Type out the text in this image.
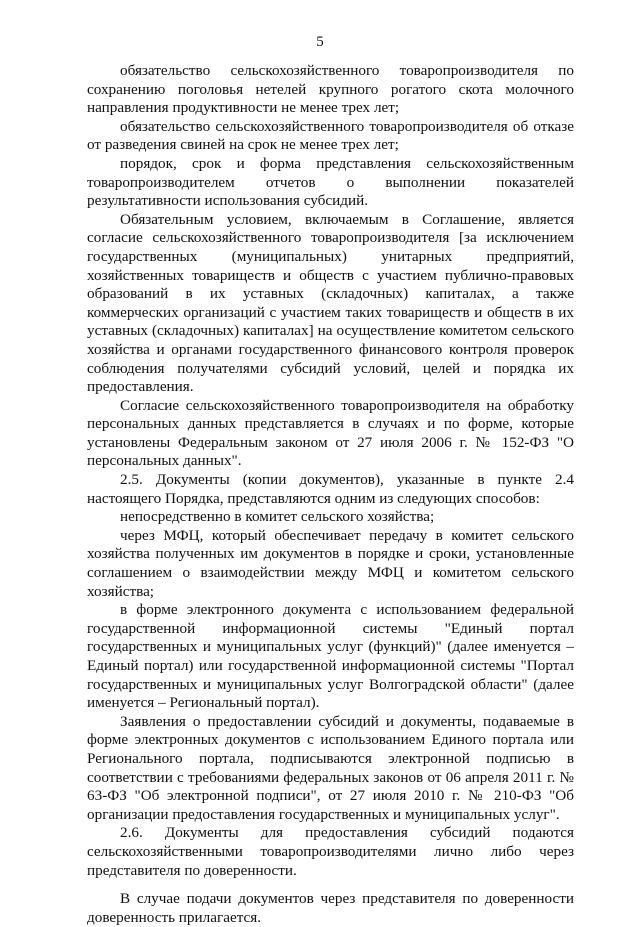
5

обязательство сельскохозяйственного товаропроизводителя по сохранению поголовья нетелей крупного рогатого скота молочного направления продуктивности не менее трех лет;

обязательство сельскохозяйственного товаропроизводителя об отказе от разведения свиней на срок не менее трех лет;

порядок, срок и форма представления сельскохозяйственным товаропроизводителем отчетов о выполнении показателей результативности использования субсидий.

Обязательным условием, включаемым в Соглашение, является согласие сельскохозяйственного товаропроизводителя [за исключением государственных (муниципальных) унитарных предприятий, хозяйственных товариществ и обществ с участием публично-правовых образований в их уставных (складочных) капиталах, а также коммерческих организаций с участием таких товариществ и обществ в их уставных (складочных) капиталах] на осуществление комитетом сельского хозяйства и органами государственного финансового контроля проверок соблюдения получателями субсидий условий, целей и порядка их предоставления.

Согласие сельскохозяйственного товаропроизводителя на обработку персональных данных представляется в случаях и по форме, которые установлены Федеральным законом от 27 июля 2006 г. № 152-ФЗ "О персональных данных".

2.5. Документы (копии документов), указанные в пункте 2.4 настоящего Порядка, представляются одним из следующих способов:

непосредственно в комитет сельского хозяйства;

через МФЦ, который обеспечивает передачу в комитет сельского хозяйства полученных им документов в порядке и сроки, установленные соглашением о взаимодействии между МФЦ и комитетом сельского хозяйства;

в форме электронного документа с использованием федеральной государственной информационной системы "Единый портал государственных и муниципальных услуг (функций)" (далее именуется – Единый портал) или государственной информационной системы "Портал государственных и муниципальных услуг Волгоградской области" (далее именуется – Региональный портал).

Заявления о предоставлении субсидий и документы, подаваемые в форме электронных документов с использованием Единого портала или Регионального портала, подписываются электронной подписью в соответствии с требованиями федеральных законов от 06 апреля 2011 г. № 63-ФЗ "Об электронной подписи", от 27 июля 2010 г. № 210-ФЗ "Об организации предоставления государственных и муниципальных услуг".

2.6. Документы для предоставления субсидий подаются сельскохозяйственными товаропроизводителями лично либо через представителя по доверенности.

В случае подачи документов через представителя по доверенности доверенность прилагается.
